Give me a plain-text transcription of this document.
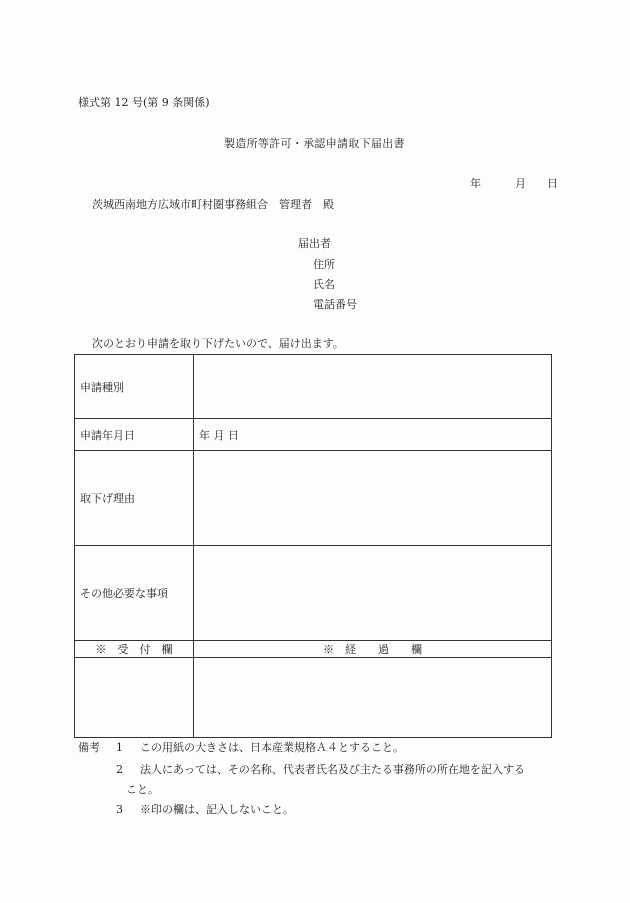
様式第 12 号(第 9 条関係)
製造所等許可・承認申請取下届出書
年	月 日
茨城西南地方広域市町村圏事務組合　管理者　殿
届出者
住所
氏名
電話番号
次のとおり申請を取り下げたいので、届け出ます。
申請種別	
申請年月日	年 月 日
取下げ理由	
その他必要な事項	
※　受　付　欄	※　経　　過　　欄

備考 1 この用紙の大きさは、日本産業規格Ａ４とすること。
2 法人にあっては、その名称、代表者氏名及び主たる事務所の所在地を記入する
こと。
3 ※印の欄は、記入しないこと。
